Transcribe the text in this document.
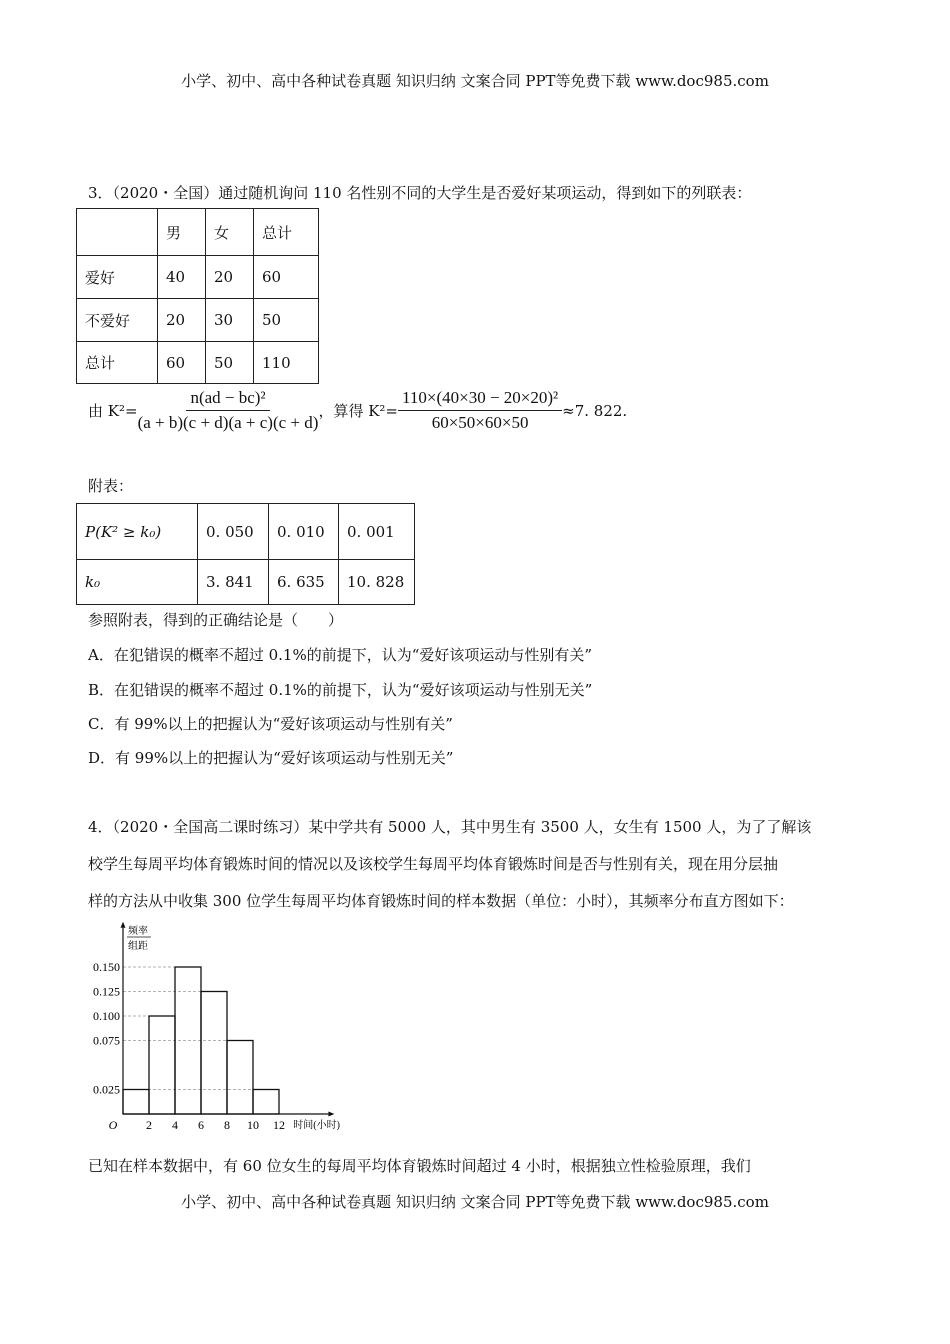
小学、初中、高中各种试卷真题 知识归纳 文案合同 PPT等免费下载 www.doc985.com
3．（2020・全国）通过随机询问 110 名性别不同的大学生是否爱好某项运动，得到如下的列联表：
	男	女	总计
爱好	40	20	60
不爱好	20	30	50
总计	60	50	110
由 $K^2= \frac{\text{n(ad − bc)²}}{(a + b)(c + d)(a + c)(c + d)}$ ，算得 $K^2= \frac{\text{110×(40×30 − 20×20)²}}{60\times 50\times 60\times 50} \approx 7$. 822.
附表：
P(K² ≥ k₀)	0. 050	0. 010	0. 001
k₀	3. 841	6. 635	10. 828
参照附表，得到的正确结论是（　　）
A．在犯错误的概率不超过 0.1%的前提下，认为“爱好该项运动与性别有关”
B．在犯错误的概率不超过 0.1%的前提下，认为“爱好该项运动与性别无关”
C．有 99%以上的把握认为“爱好该项运动与性别有关”
D．有 99%以上的把握认为“爱好该项运动与性别无关”
4．（2020・全国高二课时练习）某中学共有 5000 人，其中男生有 3500 人，女生有 1500 人，为了了解该
校学生每周平均体育锻炼时间的情况以及该校学生每周平均体育锻炼时间是否与性别有关，现在用分层抽
样的方法从中收集 300 位学生每周平均体育锻炼时间的样本数据（单位：小时），其频率分布直方图如下：
频率
组距
0.025
0.075
0.100
0.125
0.150
2 4 6 8 10 12
O	时间(小时)
已知在样本数据中，有 60 位女生的每周平均体育锻炼时间超过 4 小时，根据独立性检验原理，我们
小学、初中、高中各种试卷真题 知识归纳 文案合同 PPT等免费下载 www.doc985.com
